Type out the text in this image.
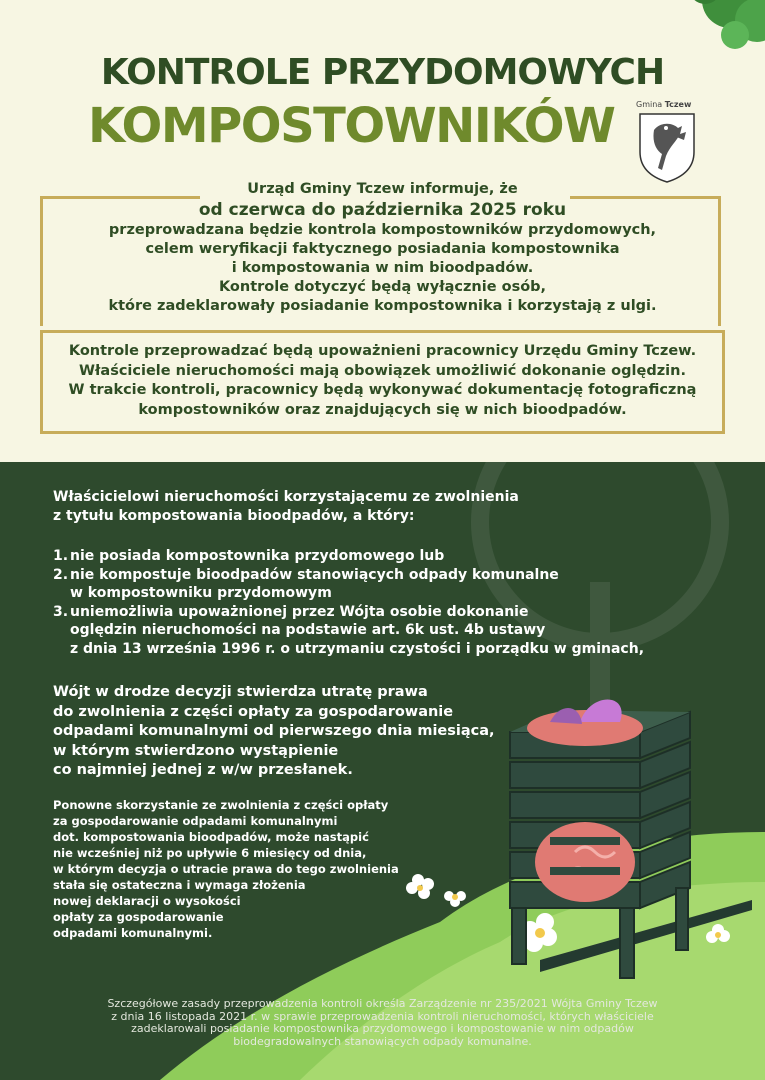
KONTROLE PRZYDOMOWYCH
KOMPOSTOWNIKÓW	Gmina Tczew
Urząd Gminy Tczew informuje, że
od czerwca do października 2025 roku
przeprowadzana będzie kontrola kompostowników przydomowych,
celem weryfikacji faktycznego posiadania kompostownika
i kompostowania w nim bioodpadów.
Kontrole dotyczyć będą wyłącznie osób,
które zadeklarowały posiadanie kompostownika i korzystają z ulgi.
Kontrole przeprowadzać będą upoważnieni pracownicy Urzędu Gminy Tczew.
Właściciele nieruchomości mają obowiązek umożliwić dokonanie oględzin.
W trakcie kontroli, pracownicy będą wykonywać dokumentację fotograficzną
kompostowników oraz znajdujących się w nich bioodpadów.
Właścicielowi nieruchomości korzystającemu ze zwolnienia
z tytułu kompostowania bioodpadów, a który:
1. nie posiada kompostownika przydomowego lub
2. nie kompostuje bioodpadów stanowiących odpady komunalne
w kompostowniku przydomowym
3. uniemożliwia upoważnionej przez Wójta osobie dokonanie
oględzin nieruchomości na podstawie art. 6k ust. 4b ustawy
z dnia 13 września 1996 r. o utrzymaniu czystości i porządku w gminach,
Wójt w drodze decyzji stwierdza utratę prawa
do zwolnienia z części opłaty za gospodarowanie
odpadami komunalnymi od pierwszego dnia miesiąca,
w którym stwierdzono wystąpienie
co najmniej jednej z w/w przesłanek.
Ponowne skorzystanie ze zwolnienia z części opłaty
za gospodarowanie odpadami komunalnymi
dot. kompostowania bioodpadów, może nastąpić
nie wcześniej niż po upływie 6 miesięcy od dnia,
w którym decyzja o utracie prawa do tego zwolnienia
stała się ostateczna i wymaga złożenia
nowej deklaracji o wysokości
opłaty za gospodarowanie
odpadami komunalnymi.
Szczegółowe zasady przeprowadzenia kontroli określa Zarządzenie nr 235/2021 Wójta Gminy Tczew
z dnia 16 listopada 2021 r. w sprawie przeprowadzenia kontroli nieruchomości, których właściciele
zadeklarowali posiadanie kompostownika przydomowego i kompostowanie w nim odpadów
biodegradowalnych stanowiących odpady komunalne.
